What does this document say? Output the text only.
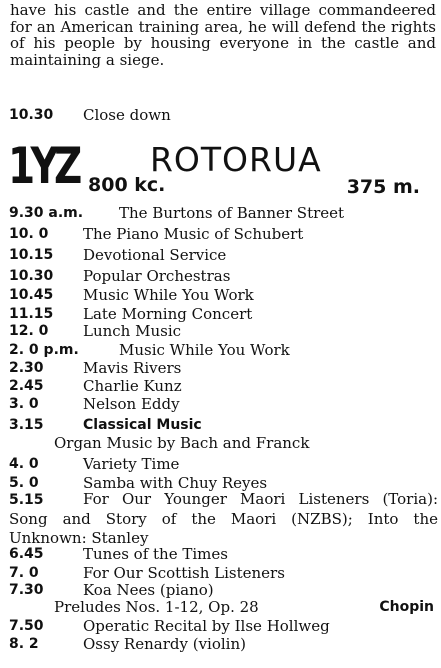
have his castle and the entire village commandeered for an American training area, he will defend the rights of his people by housing everyone in the castle and maintaining a siege.
10.30 Close down
1YZ 800 kc.
ROTORUA
375 m.
9.30 a.m. The Burtons of Banner Street
10. 0 The Piano Music of Schubert
10.15 Devotional Service
10.30 Popular Orchestras
10.45 Music While You Work
11.15 Late Morning Concert
12. 0 Lunch Music
2. 0 p.m.	Music While You Work
2.30	Mavis Rivers
2.45	Charlie Kunz
3. 0	Nelson Eddy
3.15	Classical Music
Organ Music by Bach and Franck
4. 0	Variety Time
5. 0	Samba with Chuy Reyes
5.15	For Our Younger Maori Listeners (Toria): Song and Story of the Maori (NZBS); Into the Unknown: Stanley
6.45	Tunes of the Times
7. 0	For Our Scottish Listeners
7.30	Koa Nees (piano)
Preludes Nos. 1-12, Op. 28	Chopin
7.50	Operatic Recital by Ilse Hollweg
8. 2	Ossy Renardy (violin)
